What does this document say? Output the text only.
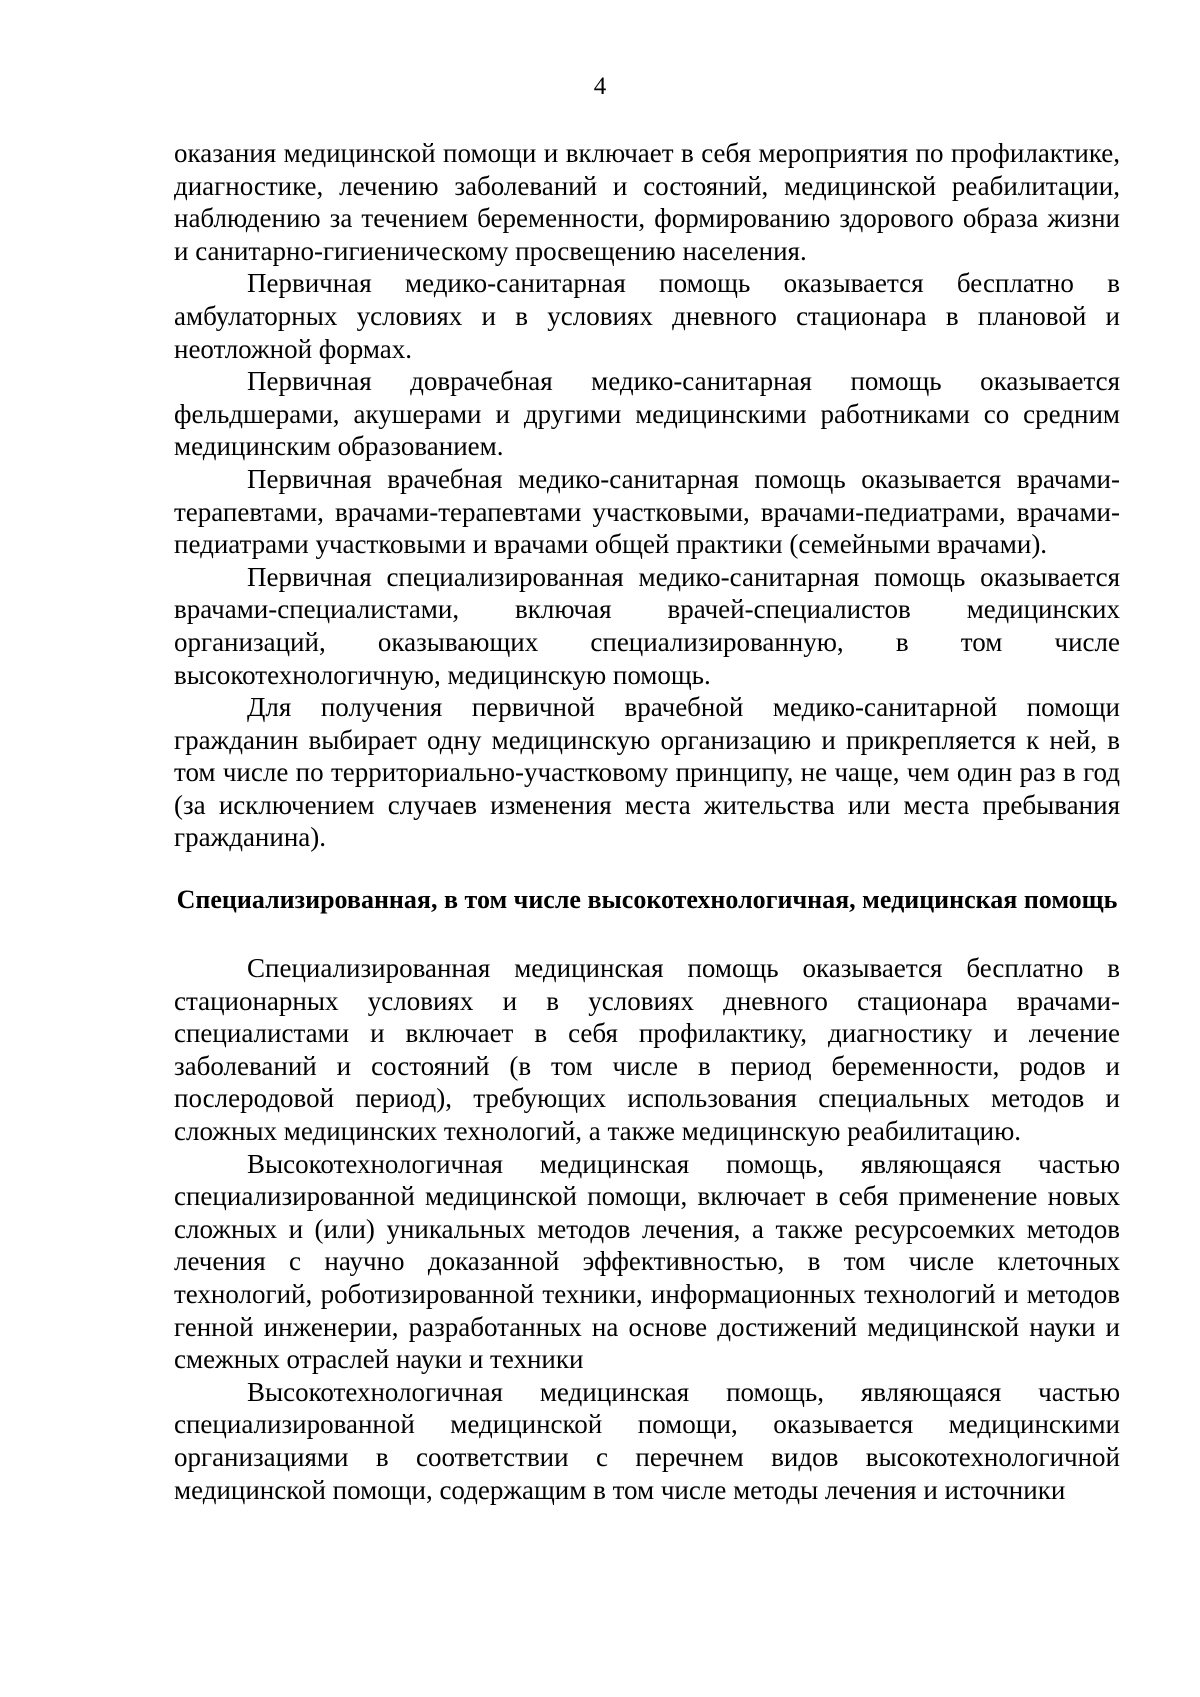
4

оказания медицинской помощи и включает в себя мероприятия по профилактике, диагностике, лечению заболеваний и состояний, медицинской реабилитации, наблюдению за течением беременности, формированию здорового образа жизни и санитарно-гигиеническому просвещению населения.

Первичная медико-санитарная помощь оказывается бесплатно в амбулаторных условиях и в условиях дневного стационара в плановой и неотложной формах.

Первичная доврачебная медико-санитарная помощь оказывается фельдшерами, акушерами и другими медицинскими работниками со средним медицинским образованием.

Первичная врачебная медико-санитарная помощь оказывается врачами-терапевтами, врачами-терапевтами участковыми, врачами-педиатрами, врачами-педиатрами участковыми и врачами общей практики (семейными врачами).

Первичная специализированная медико-санитарная помощь оказывается врачами-специалистами, включая врачей-специалистов медицинских организаций, оказывающих специализированную, в том числе высокотехнологичную, медицинскую помощь.

Для получения первичной врачебной медико-санитарной помощи гражданин выбирает одну медицинскую организацию и прикрепляется к ней, в том числе по территориально-участковому принципу, не чаще, чем один раз в год (за исключением случаев изменения места жительства или места пребывания гражданина).

Специализированная, в том числе высокотехнологичная, медицинская помощь

Специализированная медицинская помощь оказывается бесплатно в стационарных условиях и в условиях дневного стационара врачами-специалистами и включает в себя профилактику, диагностику и лечение заболеваний и состояний (в том числе в период беременности, родов и послеродовой период), требующих использования специальных методов и сложных медицинских технологий, а также медицинскую реабилитацию.

Высокотехнологичная медицинская помощь, являющаяся частью специализированной медицинской помощи, включает в себя применение новых сложных и (или) уникальных методов лечения, а также ресурсоемких методов лечения с научно доказанной эффективностью, в том числе клеточных технологий, роботизированной техники, информационных технологий и методов генной инженерии, разработанных на основе достижений медицинской науки и смежных отраслей науки и техники

Высокотехнологичная медицинская помощь, являющаяся частью специализированной медицинской помощи, оказывается медицинскими организациями в соответствии с перечнем видов высокотехнологичной медицинской помощи, содержащим в том числе методы лечения и источники
